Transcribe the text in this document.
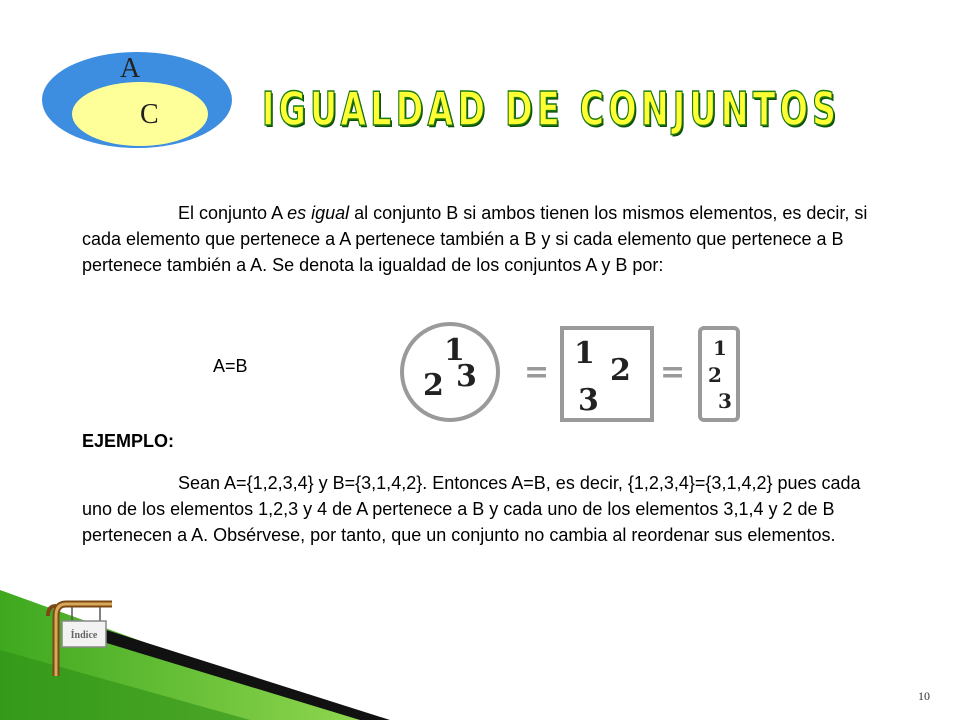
A
C IGUALDAD DE CONJUNTOS

El conjunto A es igual al conjunto B si ambos tienen los mismos elementos, es decir, si cada elemento que pertenece a A pertenece también a B y si cada elemento que pertenece a B pertenece también a A. Se denota la igualdad de los conjuntos A y B por:

A=B	1
2 3 =
1 2
3
=
1
2
3
EJEMPLO:

Sean A={1,2,3,4} y B={3,1,4,2}. Entonces A=B, es decir, {1,2,3,4}={3,1,4,2} pues cada uno de los elementos 1,2,3 y 4 de A pertenece a B y cada uno de los elementos 3,1,4 y 2 de B pertenecen a A. Obsérvese, por tanto, que un conjunto no cambia al reordenar sus elementos.

Índice
10
